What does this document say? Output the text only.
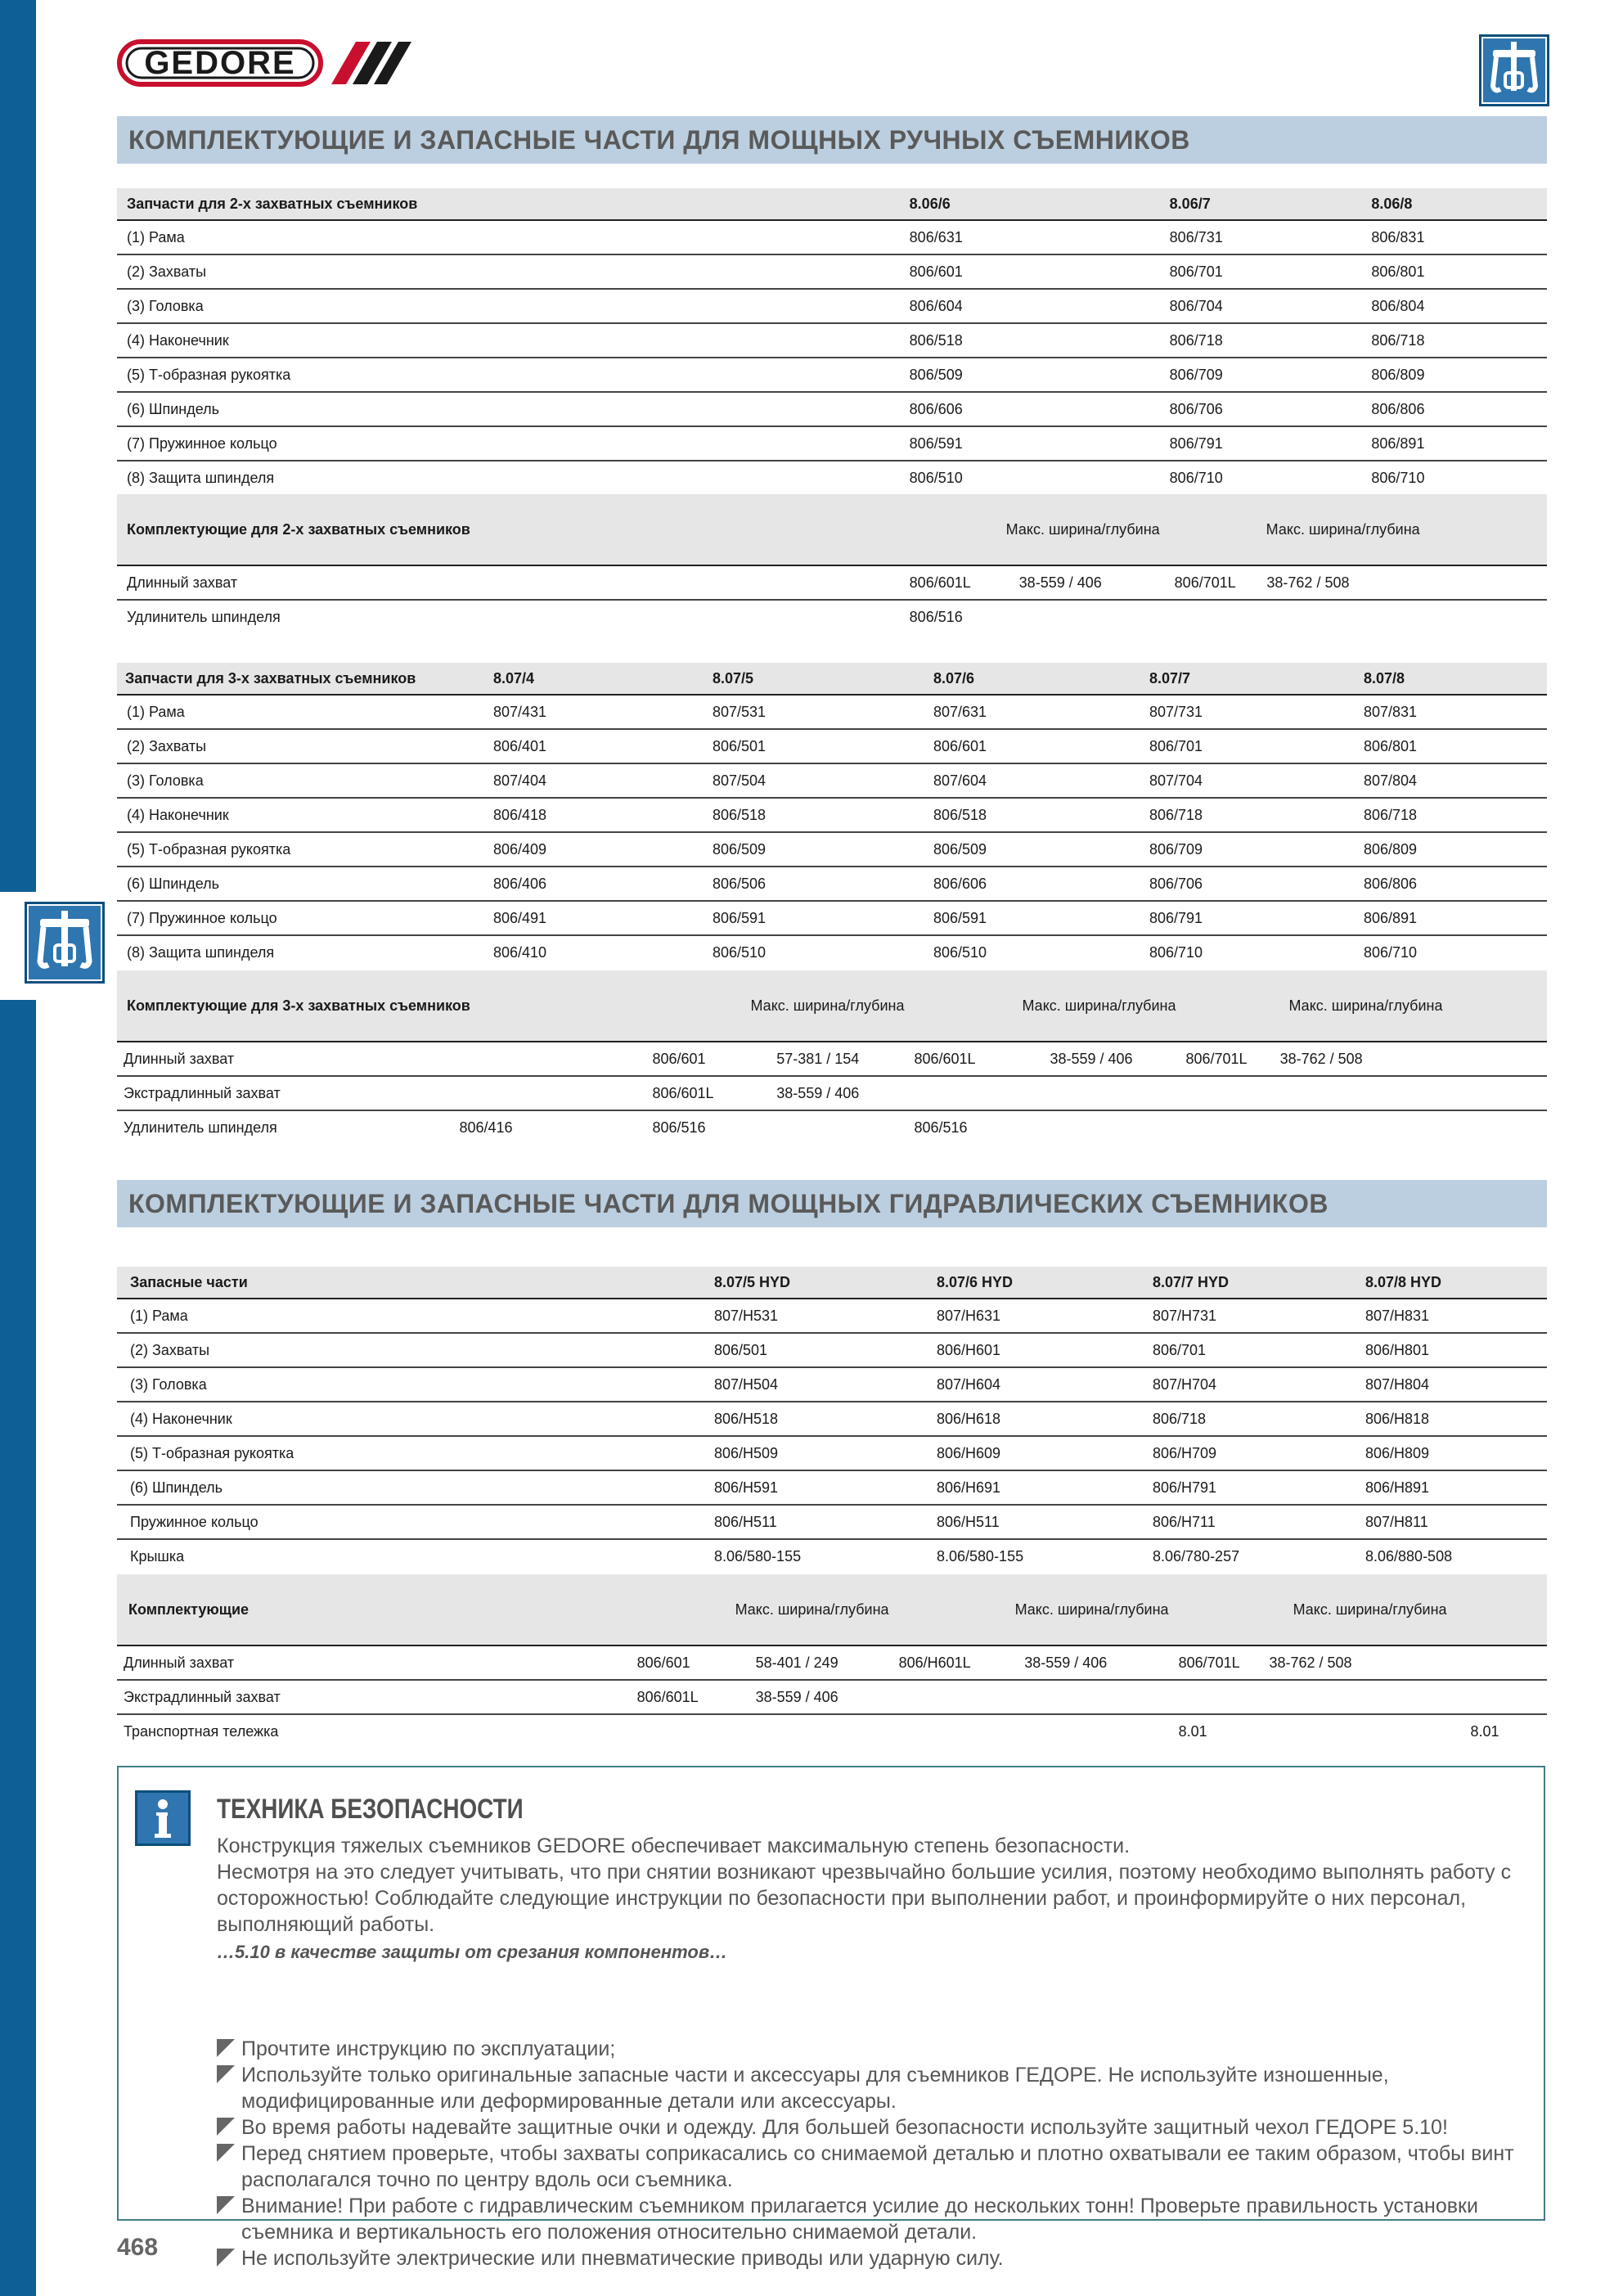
GEDORE
КОМПЛЕКТУЮЩИЕ И ЗАПАСНЫЕ ЧАСТИ ДЛЯ МОЩНЫХ РУЧНЫХ СЪЕМНИКОВ
Запчасти для 2-х захватных съемников	8.06/6		8.06/7	8.06/8
(1) Рама	806/631		806/731	806/831
(2) Захваты	806/601		806/701	806/801
(3) Головка	806/604		806/704	806/804
(4) Наконечник	806/518		806/718	806/718
(5) Т-образная рукоятка	806/509		806/709	806/809
(6) Шпиндель	806/606		806/706	806/806
(7) Пружинное кольцо	806/591		806/791	806/891
(8) Защита шпинделя	806/510		806/710	806/710
Комплектующие для 2-х захватных съемников	Макс. ширина/глубина		Макс. ширина/глубина	
Длинный захват	806/601L	38-559 / 406	806/701L	38-762 / 508
Удлинитель шпинделя	806/516			
Запчасти для 3-х захватных съемников	8.07/4	8.07/5	8.07/6	8.07/7	8.07/8
(1) Рама	807/431	807/531	807/631	807/731	807/831
(2) Захваты	806/401	806/501	806/601	806/701	806/801
(3) Головка	807/404	807/504	807/604	807/704	807/804
(4) Наконечник	806/418	806/518	806/518	806/718	806/718
(5) Т-образная рукоятка	806/409	806/509	806/509	806/709	806/809
(6) Шпиндель	806/406	806/506	806/606	806/706	806/806
(7) Пружинное кольцо	806/491	806/591	806/591	806/791	806/891
(8) Защита шпинделя	806/410	806/510	806/510	806/710	806/710
Комплектующие для 3-х захватных съемников		Макс. ширина/глубина		Макс. ширина/глубина		Макс. ширина/глубина	
Длинный захват		806/601	57-381 / 154	806/601L	38-559 / 406	806/701L	38-762 / 508
Экстрадлинный захват		806/601L	38-559 / 406				
Удлинитель шпинделя	806/416	806/516		806/516			
КОМПЛЕКТУЮЩИЕ И ЗАПАСНЫЕ ЧАСТИ ДЛЯ МОЩНЫХ ГИДРАВЛИЧЕСКИХ СЪЕМНИКОВ
Запасные части	8.07/5 HYD	8.07/6 HYD	8.07/7 HYD	8.07/8 HYD
(1) Рама	807/H531	807/H631	807/H731	807/H831
(2) Захваты	806/501	806/H601	806/701	806/H801
(3) Головка	807/H504	807/H604	807/H704	807/H804
(4) Наконечник	806/H518	806/H618	806/718	806/H818
(5) Т-образная рукоятка	806/H509	806/H609	806/H709	806/H809
(6) Шпиндель	806/H591	806/H691	806/H791	806/H891
Пружинное кольцо	806/H511	806/H511	806/H711	807/H811
Крышка	8.06/580-155	8.06/580-155	8.06/780-257	8.06/880-508
Комплектующие	Макс. ширина/глубина		Макс. ширина/глубина		Макс. ширина/глубина	
Длинный захват	806/601	58-401 / 249	806/H601L	38-559 / 406	806/701L	38-762 / 508
Экстрадлинный захват	806/601L	38-559 / 406				
Транспортная тележка					8.01	8.01
ТЕХНИКА БЕЗОПАСНОСТИ

Конструкция тяжелых съемников GEDORE обеспечивает максимальную степень безопасности.

Несмотря на это следует учитывать, что при снятии возникают чрезвычайно большие усилия, поэтому необходимо выполнять работу с осторожностью! Соблюдайте следующие инструкции по безопасности при выполнении работ, и проинформируйте о них персонал, выполняющий работы.

…5.10 в качестве защиты от срезания компонентов…

Прочтите инструкцию по эксплуатации;
Используйте только оригинальные запасные части и аксессуары для съемников ГЕДОРЕ. Не используйте изношенные, модифицированные или деформированные детали или аксессуары.
Во время работы надевайте защитные очки и одежду. Для большей безопасности используйте защитный чехол ГЕДОРЕ 5.10!
Перед снятием проверьте, чтобы захваты соприкасались со снимаемой деталью и плотно охватывали ее таким образом, чтобы винт располагался точно по центру вдоль оси съемника.
Внимание! При работе с гидравлическим съемником прилагается усилие до нескольких тонн! Проверьте правильность установки съемника и вертикальность его положения относительно снимаемой детали.
Не используйте электрические или пневматические приводы или ударную силу.
468
